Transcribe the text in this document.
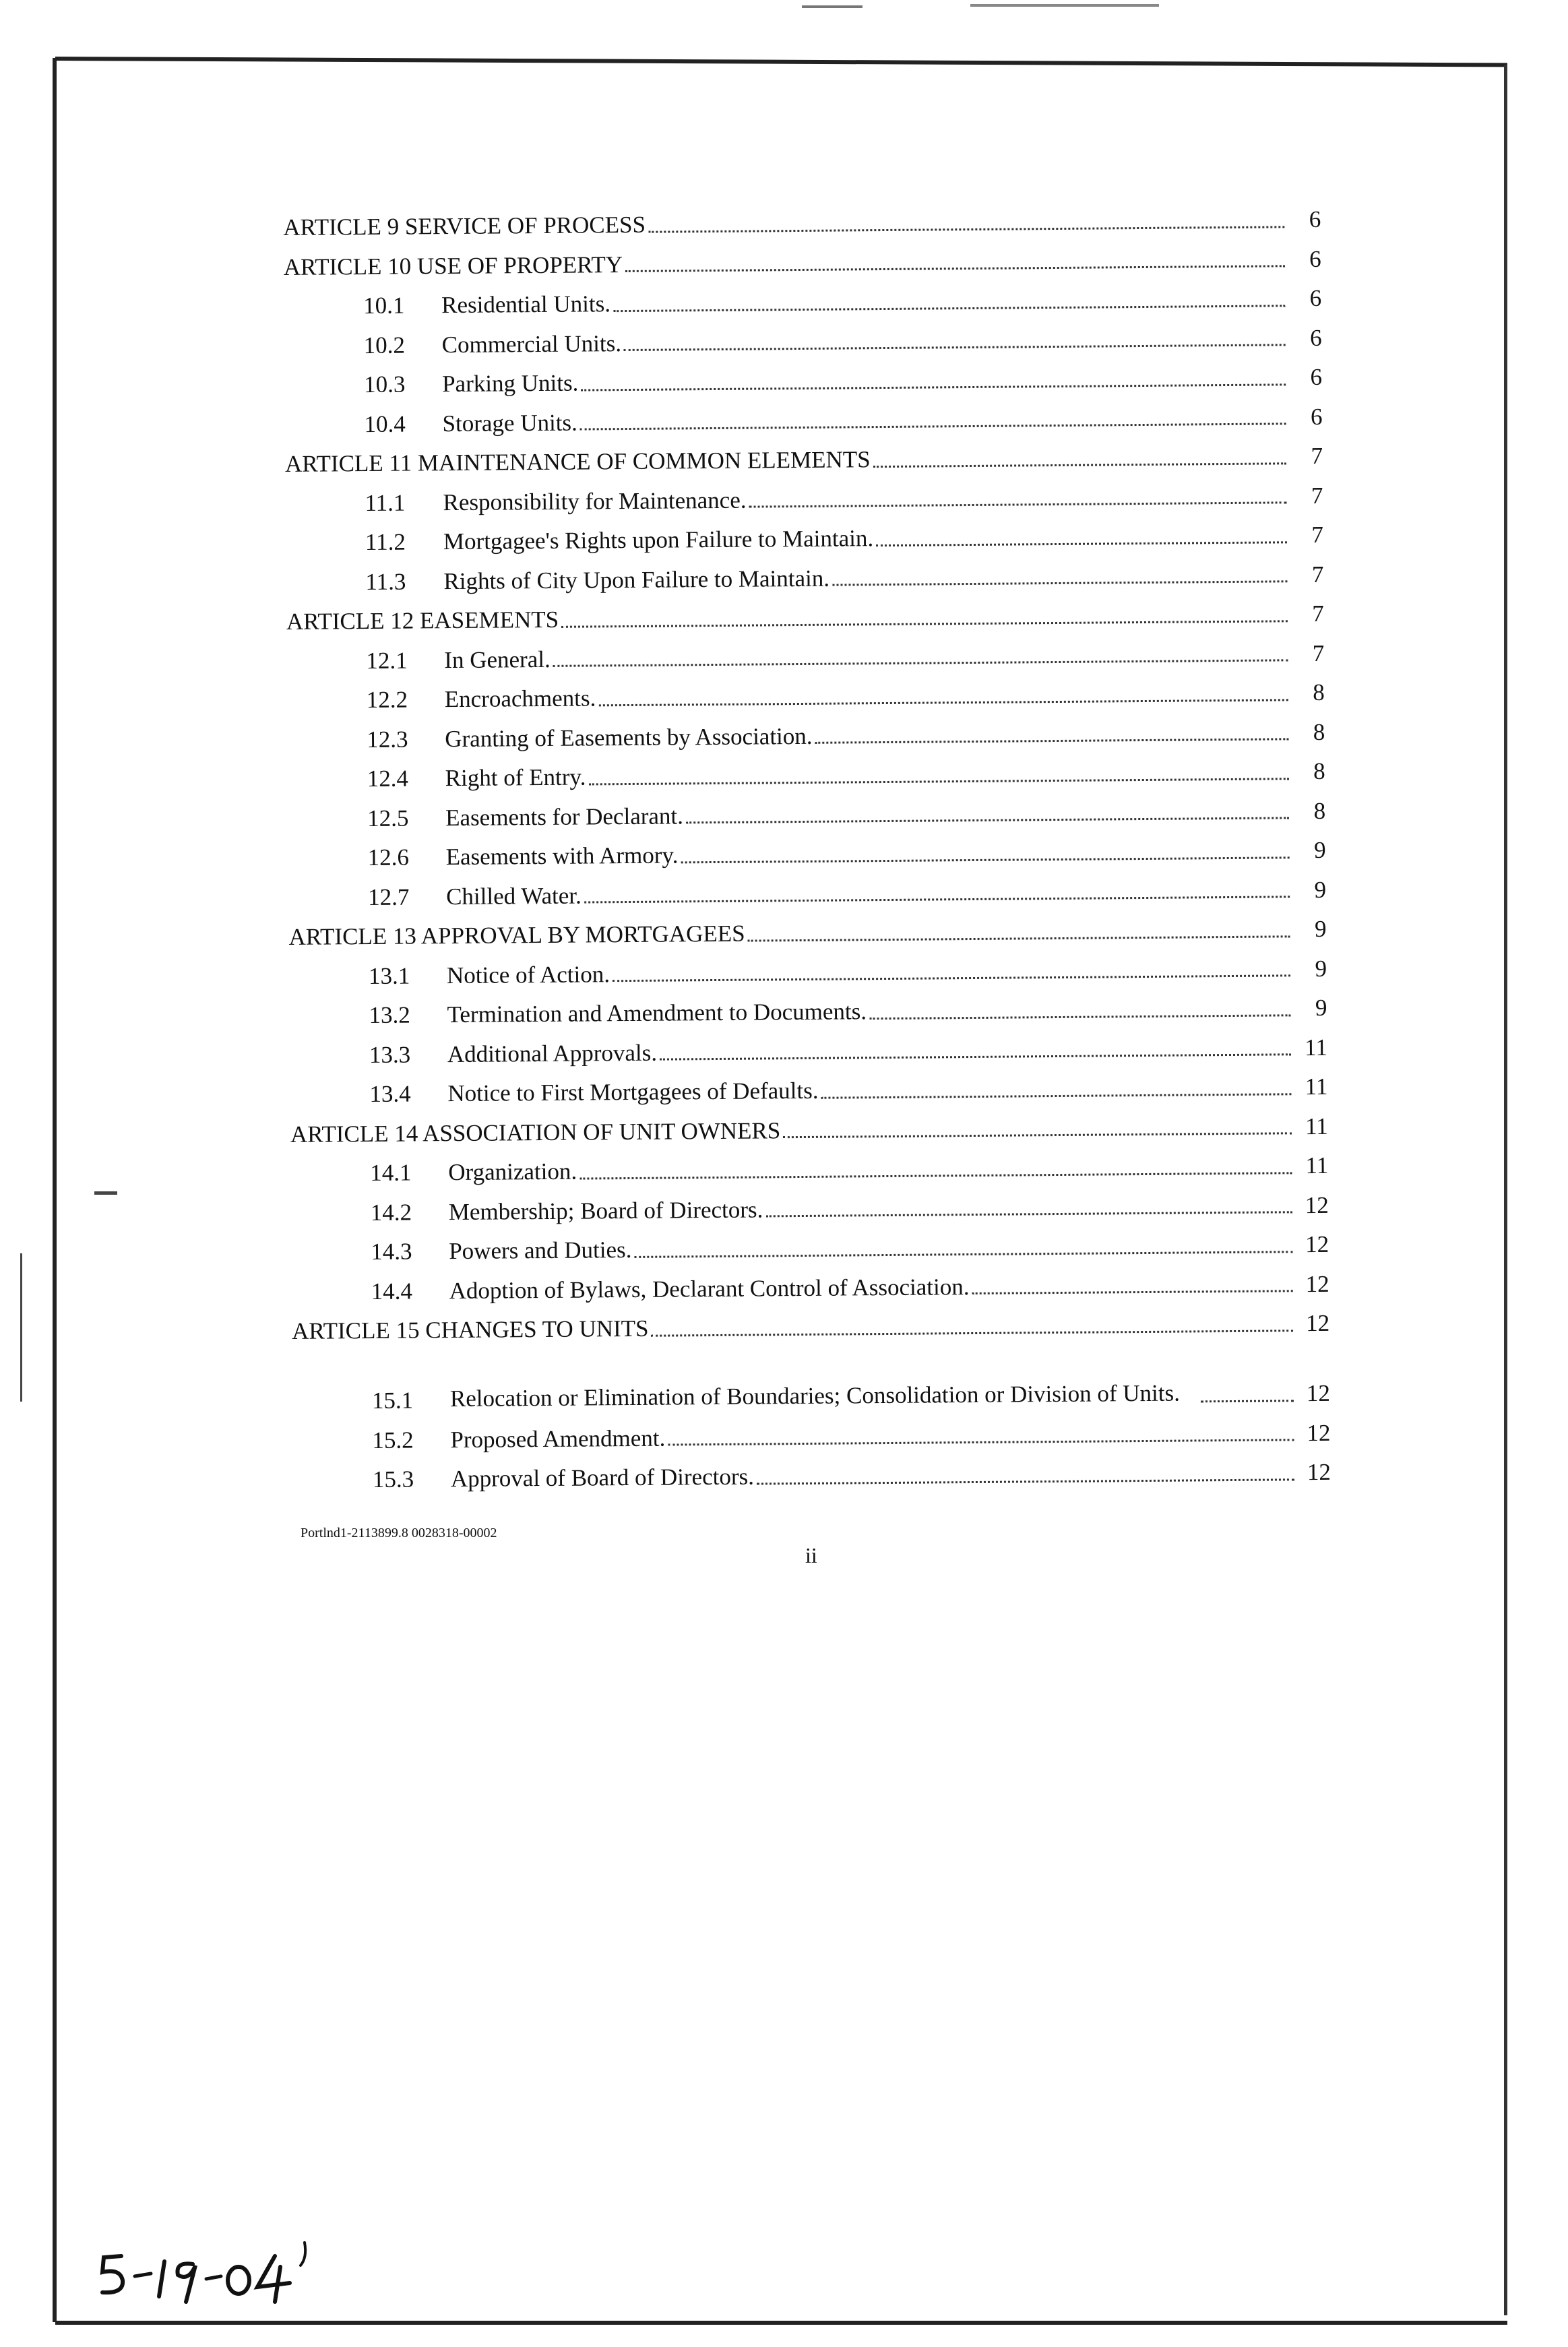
ARTICLE 9 SERVICE OF PROCESS	6
ARTICLE 10 USE OF PROPERTY	6
10.1	Residential Units.	6
10.2	Commercial Units.	6
10.3	Parking Units.	6
10.4	Storage Units.	6
ARTICLE 11 MAINTENANCE OF COMMON ELEMENTS	7
11.1	Responsibility for Maintenance.	7
11.2	Mortgagee's Rights upon Failure to Maintain.	7
11.3	Rights of City Upon Failure to Maintain.	7
ARTICLE 12 EASEMENTS	7
12.1	In General.	7
12.2	Encroachments.	8
12.3	Granting of Easements by Association.	8
12.4	Right of Entry.	8
12.5	Easements for Declarant.	8
12.6	Easements with Armory.	9
12.7	Chilled Water.	9
ARTICLE 13 APPROVAL BY MORTGAGEES	9
13.1	Notice of Action.	9
13.2	Termination and Amendment to Documents.	9
13.3	Additional Approvals.	11
13.4	Notice to First Mortgagees of Defaults.	11
ARTICLE 14 ASSOCIATION OF UNIT OWNERS	11
14.1	Organization.	11
14.2	Membership; Board of Directors.	12
14.3	Powers and Duties.	12
14.4	Adoption of Bylaws, Declarant Control of Association.	12
ARTICLE 15 CHANGES TO UNITS	12
15.1	Relocation or Elimination of Boundaries; Consolidation or Division of Units.	12
15.2	Proposed Amendment.	12
15.3	Approval of Board of Directors.	12
Portlnd1-2113899.8 0028318-00002
ii
